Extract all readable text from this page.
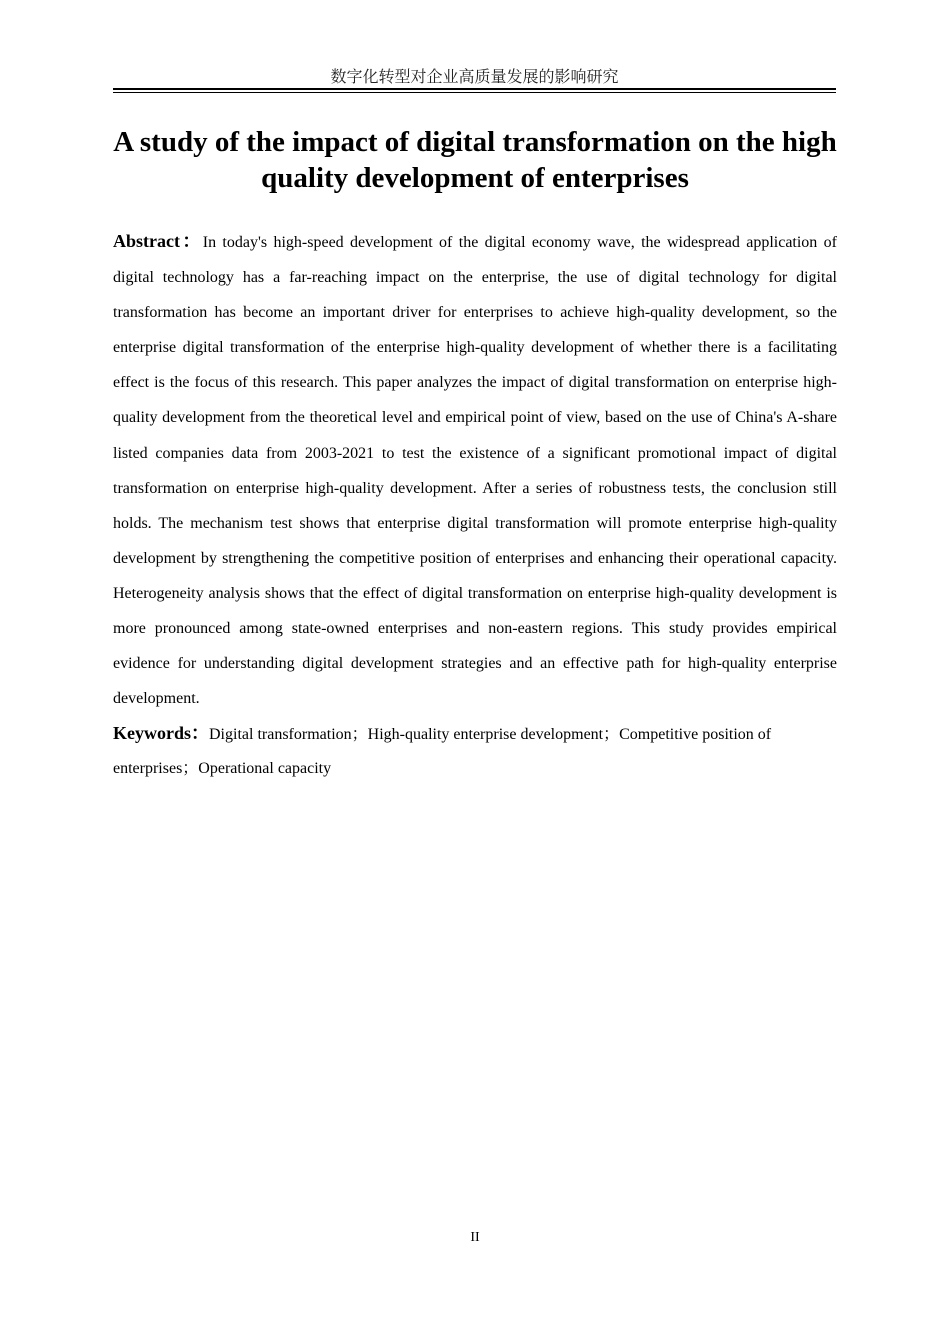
数字化转型对企业高质量发展的影响研究
A study of the impact of digital transformation on the high quality development of enterprises

Abstract：In today's high-speed development of the digital economy wave, the widespread application of digital technology has a far-reaching impact on the enterprise, the use of digital technology for digital transformation has become an important driver for enterprises to achieve high-quality development, so the enterprise digital transformation of the enterprise high-quality development of whether there is a facilitating effect is the focus of this research. This paper analyzes the impact of digital transformation on enterprise high-quality development from the theoretical level and empirical point of view, based on the use of China's A-share listed companies data from 2003-2021 to test the existence of a significant promotional impact of digital transformation on enterprise high-quality development. After a series of robustness tests, the conclusion still holds. The mechanism test shows that enterprise digital transformation will promote enterprise high-quality development by strengthening the competitive position of enterprises and enhancing their operational capacity. Heterogeneity analysis shows that the effect of digital transformation on enterprise high-quality development is more pronounced among state-owned enterprises and non-eastern regions. This study provides empirical evidence for understanding digital development strategies and an effective path for high-quality enterprise development.

Keywords：Digital transformation；High-quality enterprise development；Competitive position of enterprises；Operational capacity

II
